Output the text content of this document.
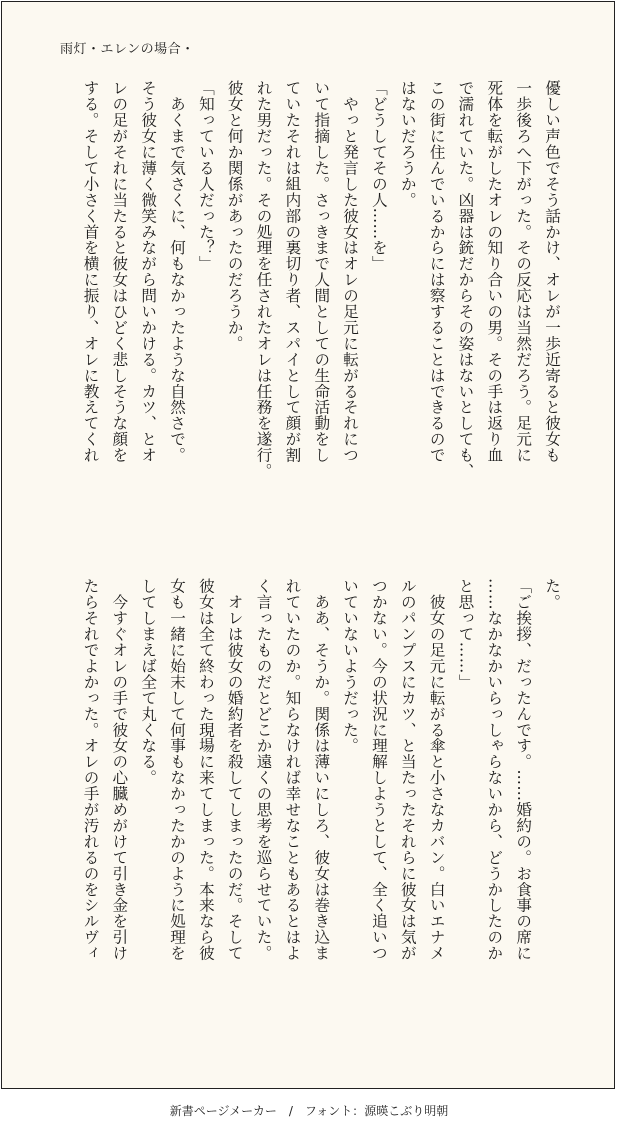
雨灯・エレンの場合・

優しい声色でそう話かけ、オレが一歩近寄ると彼女も

一歩後ろへ下がった。その反応は当然だろう。足元に

死体を転がしたオレの知り合いの男。その手は返り血

で濡れていた。凶器は銃だからその姿はないとしても、

この街に住んでいるからには察することはできるので

はないだろうか。

「どうしてその人……を」

　やっと発言した彼女はオレの足元に転がるそれにつ

いて指摘した。さっきまで人間としての生命活動をし

ていたそれは組内部の裏切り者、スパイとして顔が割

れた男だった。その処理を任されたオレは任務を遂行。

彼女と何か関係があったのだろうか。

「知っている人だった？」

　あくまで気さくに、何もなかったような自然さで。

そう彼女に薄く微笑みながら問いかける。カツ、とオ

レの足がそれに当たると彼女はひどく悲しそうな顔を

する。そして小さく首を横に振り、オレに教えてくれ

た。

「ご挨拶、だったんです。……婚約の。お食事の席に

……なかなかいらっしゃらないから、どうかしたのか

と思って……」

　彼女の足元に転がる傘と小さなカバン。白いエナメ

ルのパンプスにカツ、と当たったそれらに彼女は気が

つかない。今の状況に理解しようとして、全く追いつ

いていないようだった。

　ああ、そうか。関係は薄いにしろ、彼女は巻き込ま

れていたのか。知らなければ幸せなこともあるとはよ

く言ったものだとどこか遠くの思考を巡らせていた。

　オレは彼女の婚約者を殺してしまったのだ。そして

彼女は全て終わった現場に来てしまった。本来なら彼

女も一緒に始末して何事もなかったかのように処理を

してしまえば全て丸くなる。

　今すぐオレの手で彼女の心臓めがけて引き金を引け

たらそれでよかった。オレの手が汚れるのをシルヴィ

新書ページメーカー　/　フォント：源暎こぶり明朝
